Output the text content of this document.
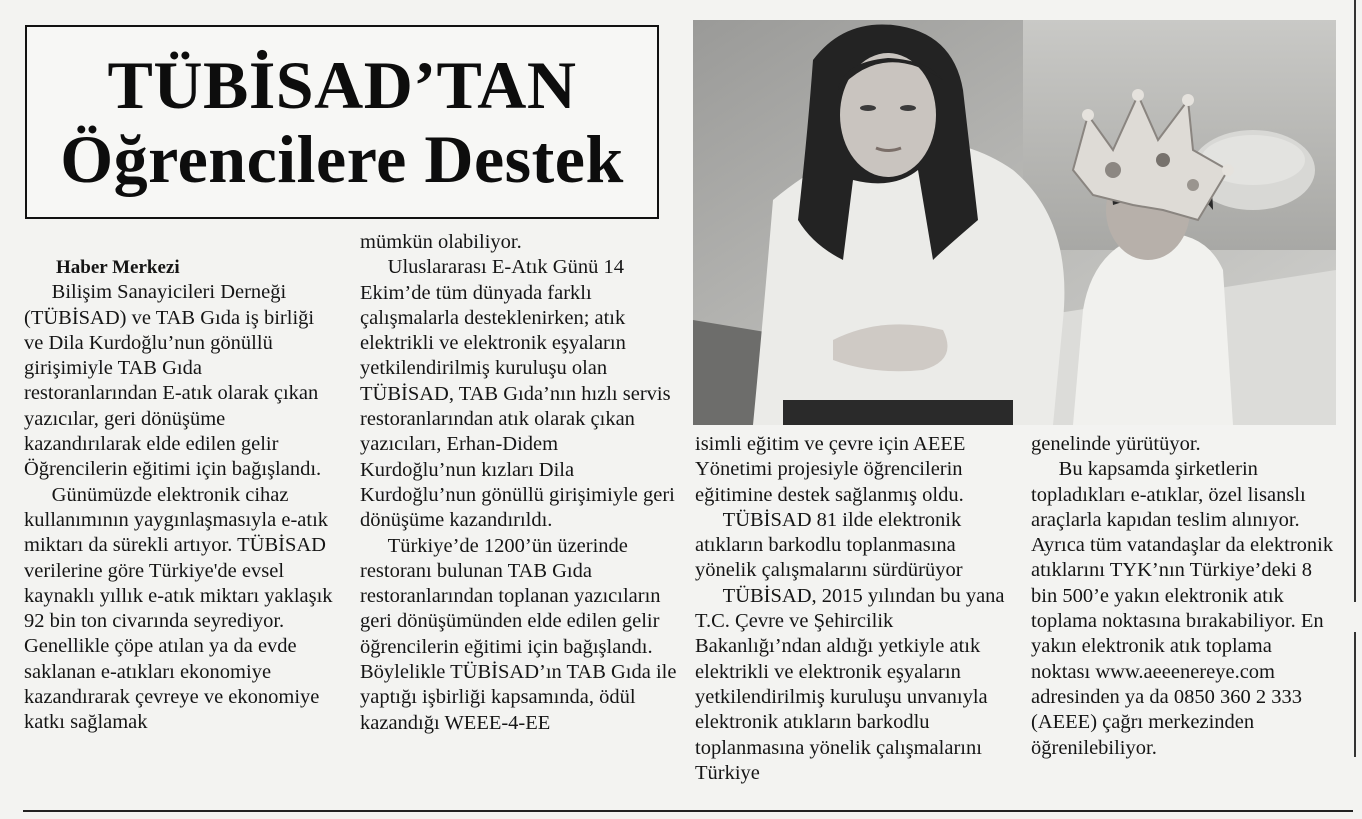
TÜBİSAD’TAN
Öğrencilere Destek

Haber Merkezi

Bilişim Sanayicileri Derneği (TÜBİSAD) ve TAB Gıda iş birliği ve Dila Kurdoğlu’nun gönüllü girişimiyle TAB Gıda restoranlarından E-atık olarak çıkan yazıcılar, geri dönüşüme kazandırılarak elde edilen gelir Öğrencilerin eğitimi için bağışlandı.

Günümüzde elektronik cihaz kullanımının yaygınlaşmasıyla e-atık miktarı da sürekli artıyor. TÜBİSAD verilerine göre Türkiye'de evsel kaynaklı yıllık e-atık miktarı yaklaşık 92 bin ton civarında seyrediyor. Genellikle çöpe atılan ya da evde saklanan e-atıkları ekonomiye kazandırarak çevreye ve ekonomiye katkı sağlamak

mümkün olabiliyor.

Uluslararası E-Atık Günü 14 Ekim’de tüm dünyada farklı çalışmalarla desteklenirken; atık elektrikli ve elektronik eşyaların yetkilendirilmiş kuruluşu olan TÜBİSAD, TAB Gıda’nın hızlı servis restoranlarından atık olarak çıkan yazıcıları, Erhan-Didem Kurdoğlu’nun kızları Dila Kurdoğlu’nun gönüllü girişimiyle geri dönüşüme kazandırıldı.

Türkiye’de 1200’ün üzerinde restoranı bulunan TAB Gıda restoranlarından toplanan yazıcıların geri dönüşümünden elde edilen gelir öğrencilerin eğitimi için bağışlandı. Böylelikle TÜBİSAD’ın TAB Gıda ile yaptığı işbirliği kapsamında, ödül kazandığı WEEE-4-EE

isimli eğitim ve çevre için AEEE Yönetimi projesiyle öğrencilerin eğitimine destek sağlanmış oldu.

TÜBİSAD 81 ilde elektronik atıkların barkodlu toplanmasına yönelik çalışmalarını sürdürüyor

TÜBİSAD, 2015 yılından bu yana T.C. Çevre ve Şehircilik Bakanlığı’ndan aldığı yetkiyle atık elektrikli ve elektronik eşyaların yetkilendirilmiş kuruluşu unvanıyla elektronik atıkların barkodlu toplanmasına yönelik çalışmalarını Türkiye

genelinde yürütüyor.

Bu kapsamda şirketlerin topladıkları e-atıklar, özel lisanslı araçlarla kapıdan teslim alınıyor. Ayrıca tüm vatandaşlar da elektronik atıklarını TYK’nın Türkiye’deki 8 bin 500’e yakın elektronik atık toplama noktasına bırakabiliyor. En yakın elektronik atık toplama noktası www.aeeenereye.com adresinden ya da 0850 360 2 333 (AEEE) çağrı merkezinden öğrenilebiliyor.
